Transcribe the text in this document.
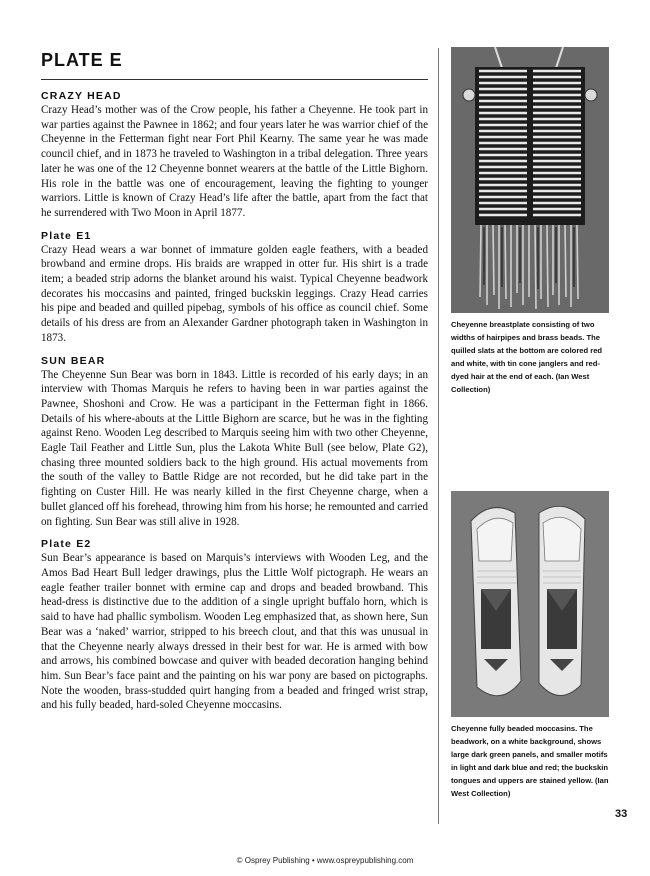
PLATE E
CRAZY HEAD

Crazy Head’s mother was of the Crow people, his father a Cheyenne. He took part in war parties against the Pawnee in 1862; and four years later he was warrior chief of the Cheyenne in the Fetterman fight near Fort Phil Kearny. The same year he was made council chief, and in 1873 he traveled to Washington in a tribal delegation. Three years later he was one of the 12 Cheyenne bonnet wearers at the battle of the Little Bighorn. His role in the battle was one of encouragement, leaving the fighting to younger warriors. Little is known of Crazy Head’s life after the battle, apart from the fact that he surrendered with Two Moon in April 1877.

Plate E1

Crazy Head wears a war bonnet of immature golden eagle feathers, with a beaded browband and ermine drops. His braids are wrapped in otter fur. His shirt is a trade item; a beaded strip adorns the blanket around his waist. Typical Cheyenne beadwork decorates his moccasins and painted, fringed buckskin leggings. Crazy Head carries his pipe and beaded and quilled pipebag, symbols of his office as council chief. Some details of his dress are from an Alexander Gardner photograph taken in Washington in 1873.

SUN BEAR

The Cheyenne Sun Bear was born in 1843. Little is recorded of his early days; in an interview with Thomas Marquis he refers to having been in war parties against the Pawnee, Shoshoni and Crow. He was a participant in the Fetterman fight in 1866. Details of his where-abouts at the Little Bighorn are scarce, but he was in the fighting against Reno. Wooden Leg described to Marquis seeing him with two other Cheyenne, Eagle Tail Feather and Little Sun, plus the Lakota White Bull (see below, Plate G2), chasing three mounted soldiers back to the high ground. His actual movements from the south of the valley to Battle Ridge are not recorded, but he did take part in the fighting on Custer Hill. He was nearly killed in the first Cheyenne charge, when a bullet glanced off his forehead, throwing him from his horse; he remounted and carried on fighting. Sun Bear was still alive in 1928.

Plate E2

Sun Bear’s appearance is based on Marquis’s interviews with Wooden Leg, and the Amos Bad Heart Bull ledger drawings, plus the Little Wolf pictograph. He wears an eagle feather trailer bonnet with ermine cap and drops and beaded browband. This head-dress is distinctive due to the addition of a single upright buffalo horn, which is said to have had phallic symbolism. Wooden Leg emphasized that, as shown here, Sun Bear was a ‘naked’ warrior, stripped to his breech clout, and that this was unusual in that the Cheyenne nearly always dressed in their best for war. He is armed with bow and arrows, his combined bowcase and quiver with beaded decoration hanging behind him. Sun Bear’s face paint and the painting on his war pony are based on pictographs. Note the wooden, brass-studded quirt hanging from a beaded and fringed wrist strap, and his fully beaded, hard-soled Cheyenne moccasins.

Cheyenne breastplate consisting of two widths of hairpipes and brass beads. The quilled slats at the bottom are colored red and white, with tin cone janglers and red-dyed hair at the end of each. (Ian West Collection)
Cheyenne fully beaded moccasins. The beadwork, on a white background, shows large dark green panels, and smaller motifs in light and dark blue and red; the buckskin tongues and uppers are stained yellow. (Ian West Collection)
33
© Osprey Publishing • www.ospreypublishing.com
